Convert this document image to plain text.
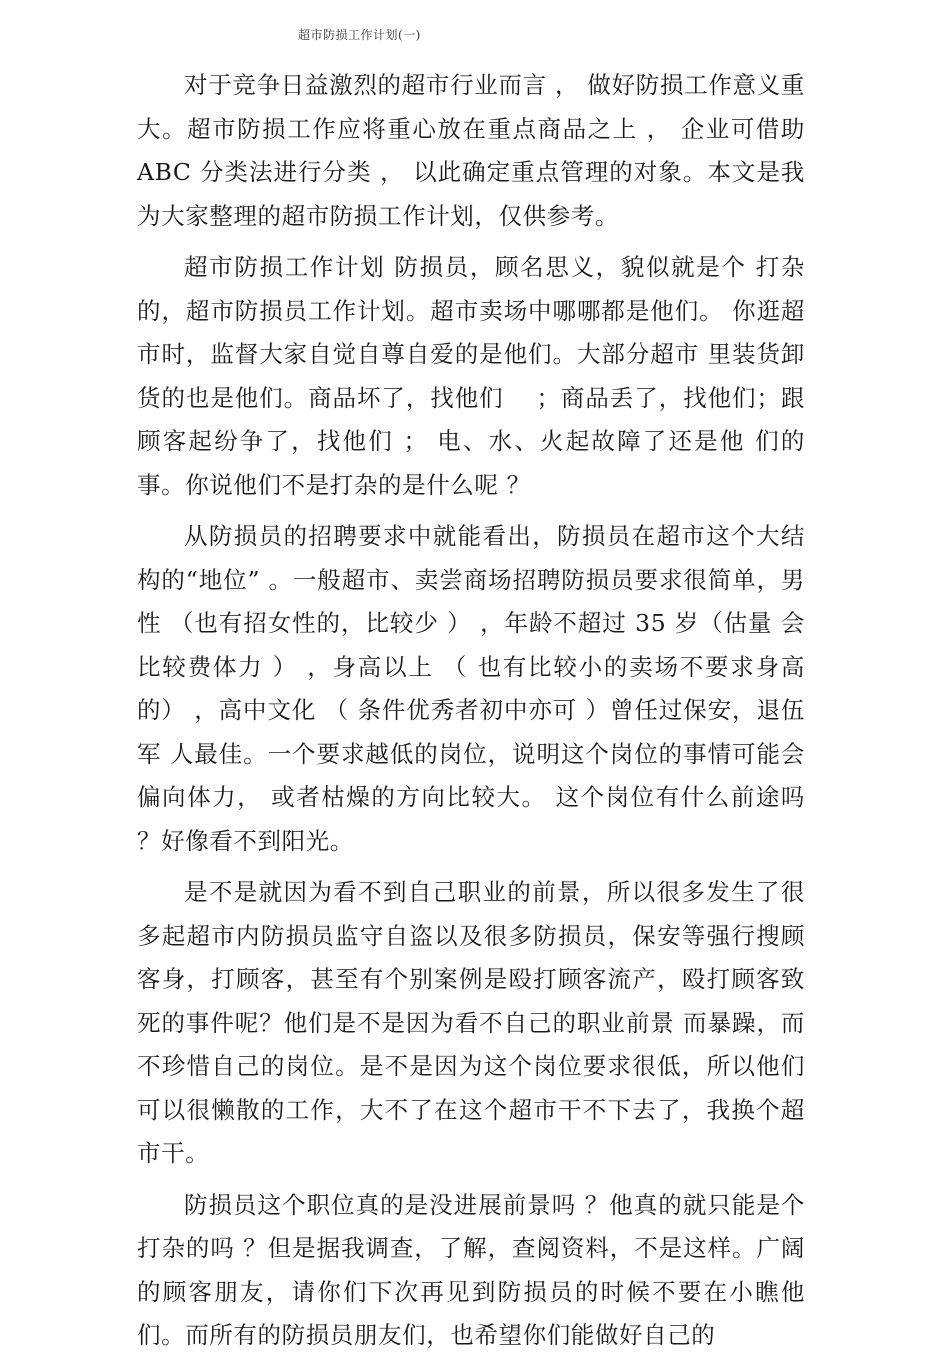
超市防损工作计划(一)

对于竞争日益激烈的超市行业而言 ， 做好防损工作意义重大。超市防损工作应将重心放在重点商品之上 ， 企业可借助 ABC 分类法进行分类 ， 以此确定重点管理的对象。本文是我为大家整理的超市防损工作计划，仅供参考。

超市防损工作计划 防损员，顾名思义，貌似就是个 打杂的，超市防损员工作计划。超市卖场中哪哪都是他们。 你逛超市时，监督大家自觉自尊自爱的是他们。大部分超市 里装货卸货的也是他们。商品坏了，找他们　 ；商品丢了，找他们；跟顾客起纷争了，找他们 ； 电、水、火起故障了还是他 们的事。你说他们不是打杂的是什么呢 ？

从防损员的招聘要求中就能看出，防损员在超市这个大结构的“地位” 。一般超市、卖尝商场招聘防损员要求很简单，男性 （也有招女性的，比较少 ） ，年龄不超过 35 岁（估量 会比较费体力 ） ，身高以上 （ 也有比较小的卖场不要求身高 的） ，高中文化 （ 条件优秀者初中亦可 ）曾任过保安，退伍军 人最佳。一个要求越低的岗位，说明这个岗位的事情可能会 偏向体力， 或者枯燥的方向比较大。 这个岗位有什么前途吗 ？好像看不到阳光。

是不是就因为看不到自己职业的前景，所以很多发生了很多起超市内防损员监守自盗以及很多防损员，保安等强行搜顾客身，打顾客，甚至有个别案例是殴打顾客流产，殴打顾客致死的事件呢？他们是不是因为看不自己的职业前景 而暴躁，而不珍惜自己的岗位。是不是因为这个岗位要求很低，所以他们可以很懒散的工作，大不了在这个超市干不下去了，我换个超市干。

防损员这个职位真的是没进展前景吗 ？他真的就只能是个打杂的吗 ？但是据我调查，了解，查阅资料，不是这样。广阔的顾客朋友，请你们下次再见到防损员的时候不要在小瞧他们。而所有的防损员朋友们，也希望你们能做好自己的
